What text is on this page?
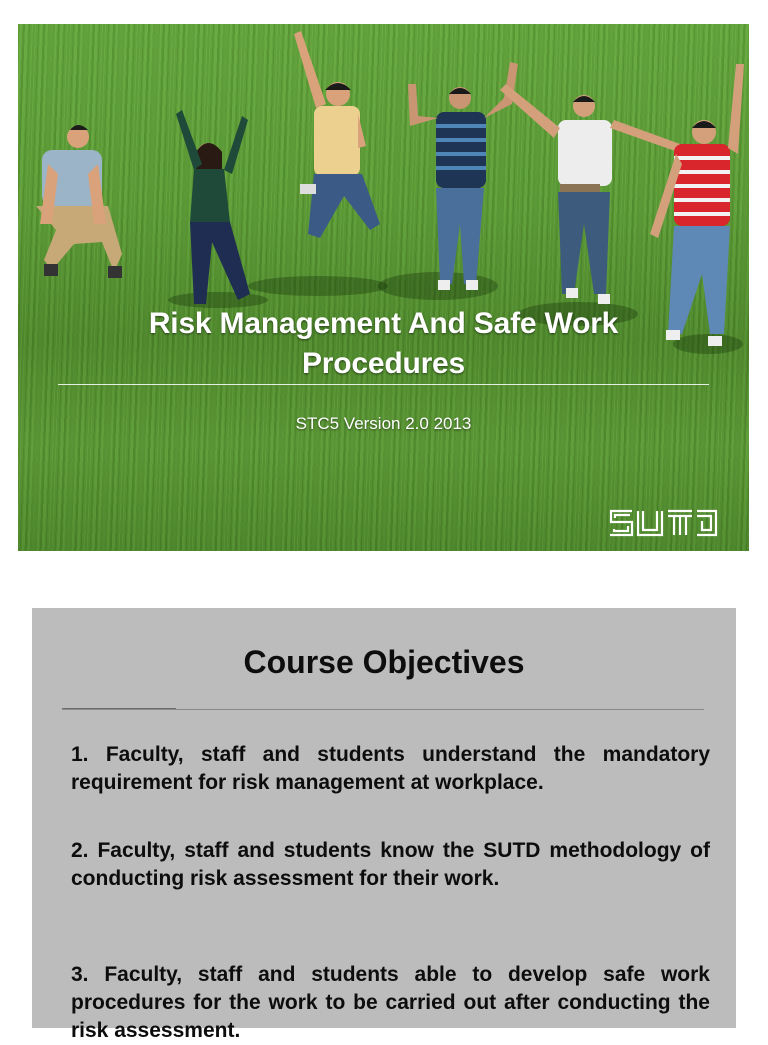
Risk Management And Safe Work
Procedures
STC5 Version 2.0 2013
Course Objectives
1. Faculty, staff and students understand the mandatory requirement for risk management at workplace.
2. Faculty, staff and students know the SUTD methodology of conducting risk assessment for their work.
3. Faculty, staff and students able to develop safe work procedures for the work to be carried out after conducting the risk assessment.
